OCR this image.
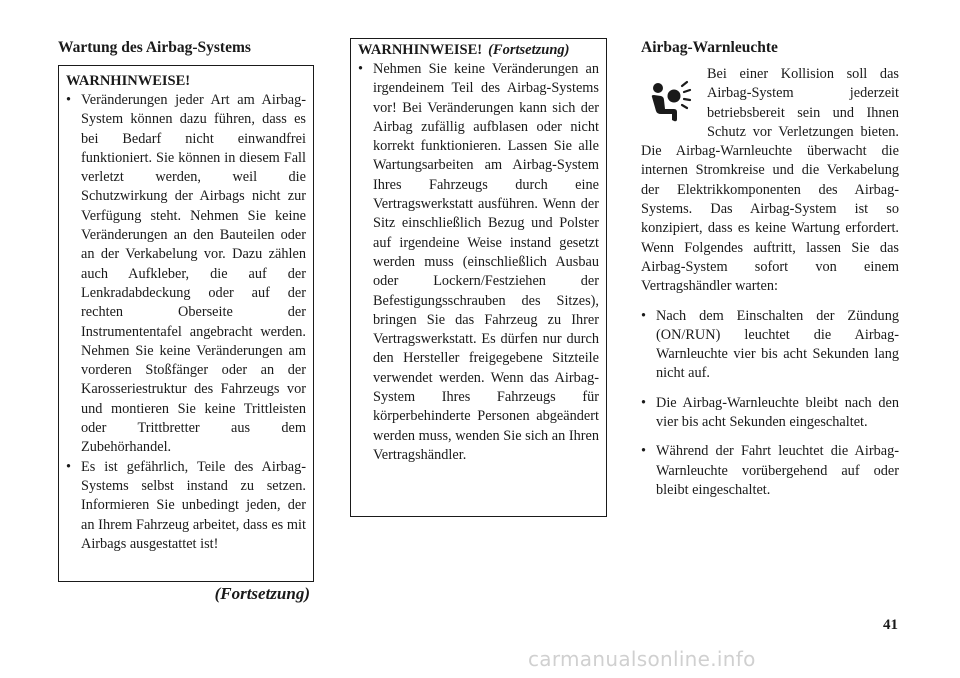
Wartung des Airbag-Systems
WARNHINWEISE!
• Veränderungen jeder Art am Airbag-System können dazu führen, dass es bei Bedarf nicht einwandfrei funktioniert. Sie können in diesem Fall verletzt werden, weil die Schutzwirkung der Airbags nicht zur Verfügung steht. Nehmen Sie keine Veränderungen an den Bauteilen oder an der Verkabelung vor. Dazu zählen auch Aufkleber, die auf der Lenkradabdeckung oder auf der rechten Oberseite der Instrumententafel angebracht werden. Nehmen Sie keine Veränderungen am vorderen Stoßfänger oder an der Karosseriestruktur des Fahrzeugs vor und montieren Sie keine Trittleisten oder Trittbretter aus dem Zubehörhandel.
• Es ist gefährlich, Teile des Airbag-Systems selbst instand zu setzen. Informieren Sie unbedingt jeden, der an Ihrem Fahrzeug arbeitet, dass es mit Airbags ausgestattet ist!
(Fortsetzung)
WARNHINWEISE! (Fortsetzung)
• Nehmen Sie keine Veränderungen an irgendeinem Teil des Airbag-Systems vor! Bei Veränderungen kann sich der Airbag zufällig aufblasen oder nicht korrekt funktionieren. Lassen Sie alle Wartungsarbeiten am Airbag-System Ihres Fahrzeugs durch eine Vertragswerkstatt ausführen. Wenn der Sitz einschließlich Bezug und Polster auf irgendeine Weise instand gesetzt werden muss (einschließlich Ausbau oder Lockern/Festziehen der Befestigungsschrauben des Sitzes), bringen Sie das Fahrzeug zu Ihrer Vertragswerkstatt. Es dürfen nur durch den Hersteller freigegebene Sitzteile verwendet werden. Wenn das Airbag-System Ihres Fahrzeugs für körperbehinderte Personen abgeändert werden muss, wenden Sie sich an Ihren Vertragshändler.
Airbag-Warnleuchte
Bei einer Kollision soll das Airbag-System jederzeit betriebsbereit sein und Ihnen Schutz vor Verletzungen bieten. Die Airbag-Warnleuchte überwacht die internen Stromkreise und die Verkabelung der Elektrikkomponenten des Airbag-Systems. Das Airbag-System ist so konzipiert, dass es keine Wartung erfordert. Wenn Folgendes auftritt, lassen Sie das Airbag-System sofort von einem Vertragshändler warten:
• Nach dem Einschalten der Zündung (ON/RUN) leuchtet die Airbag-Warnleuchte vier bis acht Sekunden lang nicht auf.
• Die Airbag-Warnleuchte bleibt nach den vier bis acht Sekunden eingeschaltet.
• Während der Fahrt leuchtet die Airbag-Warnleuchte vorübergehend auf oder bleibt eingeschaltet.
41
carmanualsonline.info
